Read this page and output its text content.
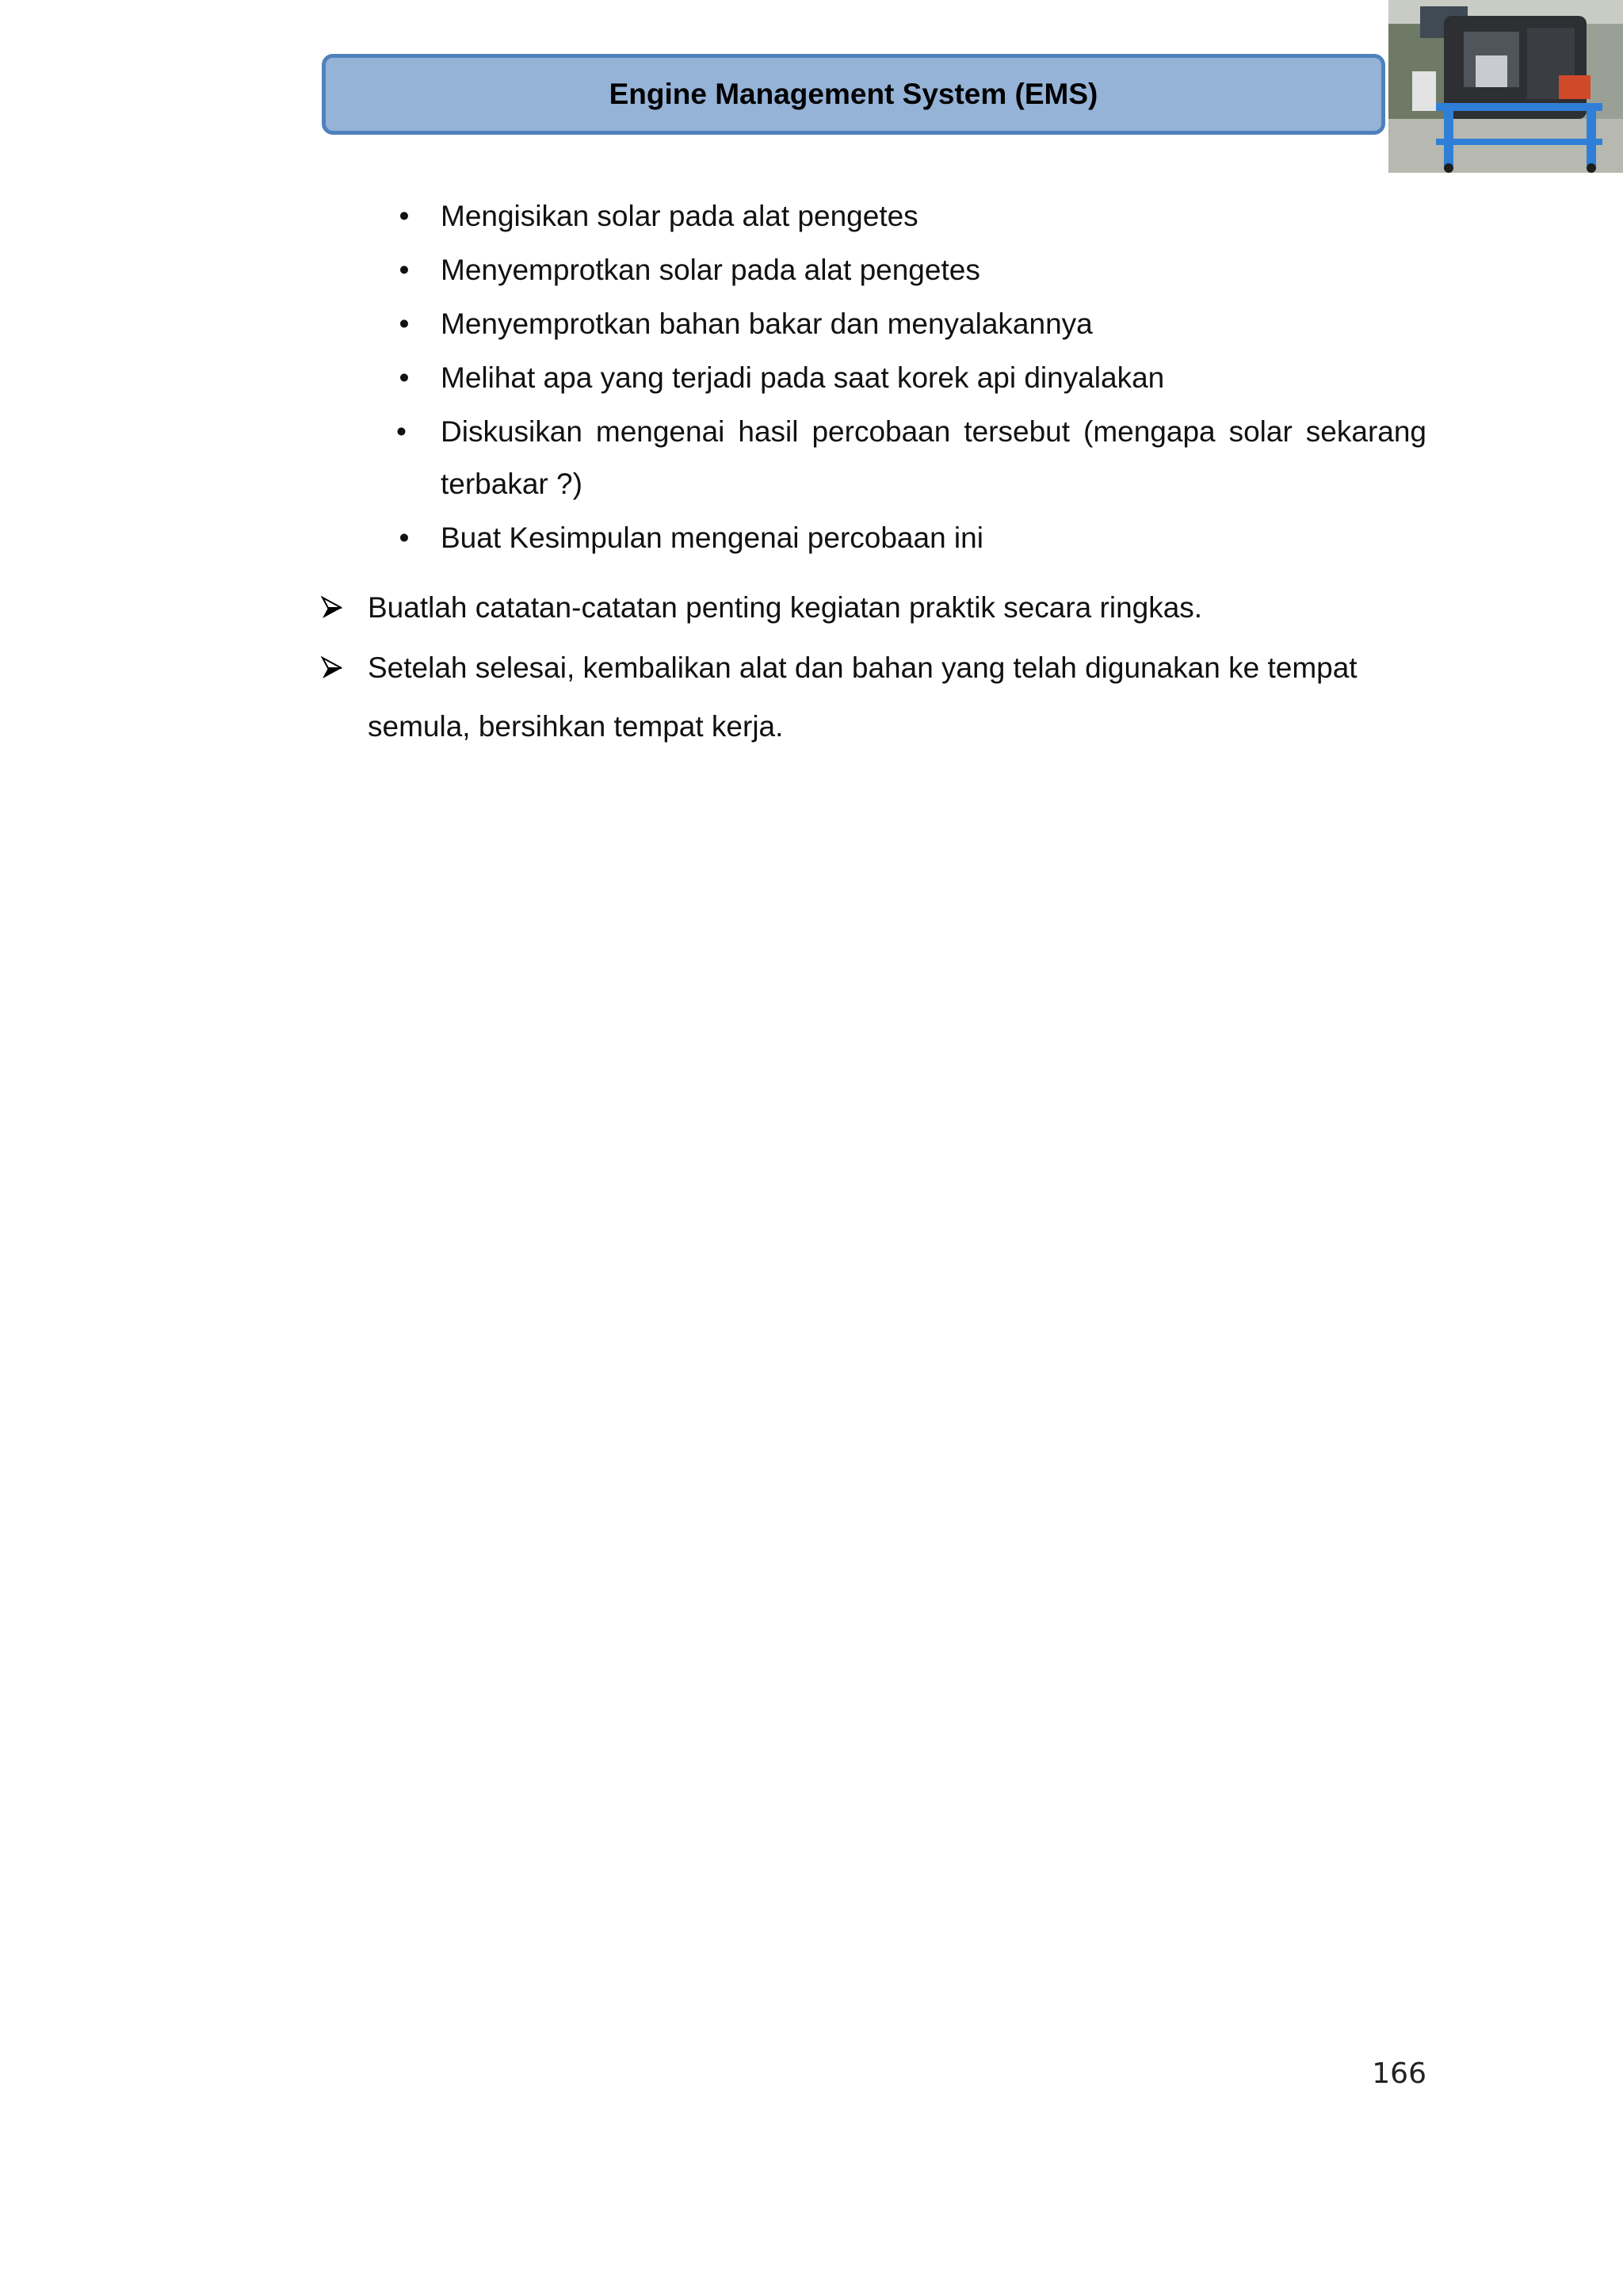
Engine Management System (EMS)
• Mengisikan solar pada alat pengetes
• Menyemprotkan solar pada alat pengetes
• Menyemprotkan bahan bakar dan menyalakannya
• Melihat apa yang terjadi pada saat korek api dinyalakan
• Diskusikan mengenai hasil percobaan tersebut (mengapa solar sekarang terbakar ?)
• Buat Kesimpulan mengenai percobaan ini
Buatlah catatan-catatan penting kegiatan praktik secara ringkas.
Setelah selesai, kembalikan alat dan bahan yang telah digunakan ke tempat semula, bersihkan tempat kerja.
166
